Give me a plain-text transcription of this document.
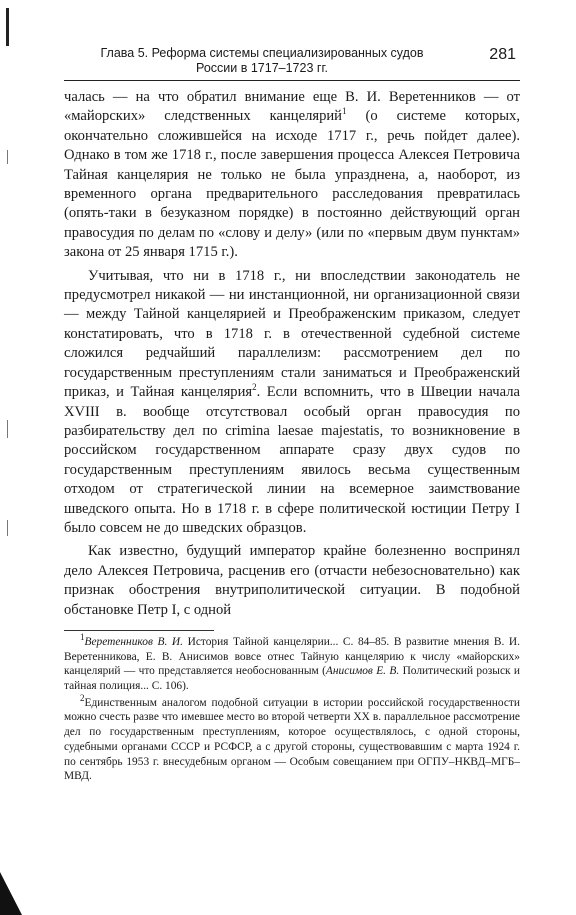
Глава 5. Реформа системы специализированных судов
России в 1717–1723 гг.
281

чалась — на что обратил внимание еще В. И. Веретенников — от «майорских» следственных канцелярий$^1$ (о системе которых, окончательно сложившейся на исходе 1717 г., речь пойдет далее). Однако в том же 1718 г., после завершения процесса Алексея Петровича Тайная канцелярия не только не была упразднена, а, наоборот, из временного органа предварительного расследования превратилась (опять-таки в безуказном порядке) в постоянно действующий орган правосудия по делам по «слову и делу» (или по «первым двум пунктам» закона от 25 января 1715 г.).

Учитывая, что ни в 1718 г., ни впоследствии законодатель не предусмотрел никакой — ни инстанционной, ни организационной связи — между Тайной канцелярией и Преображенским приказом, следует констатировать, что в 1718 г. в отечественной судебной системе сложился редчайший параллелизм: рассмотрением дел по государственным преступлениям стали заниматься и Преображенский приказ, и Тайная канцелярия$^2$. Если вспомнить, что в Швеции начала XVIII в. вообще отсутствовал особый орган правосудия по разбирательству дел по crimina laesae majestatis, то возникновение в российском государственном аппарате сразу двух судов по государственным преступлениям явилось весьма существенным отходом от стратегической линии на всемерное заимствование шведского опыта. Но в 1718 г. в сфере политической юстиции Петру I было совсем не до шведских образцов.

Как известно, будущий император крайне болезненно воспринял дело Алексея Петровича, расценив его (отчасти небезосновательно) как признак обострения внутриполитической ситуации. В подобной обстановке Петр I, с одной

$^1$Веретенников В. И. История Тайной канцелярии... С. 84–85. В развитие мнения В. И. Веретенникова, Е. В. Анисимов вовсе отнес Тайную канцелярию к числу «майорских» канцелярий — что представляется необоснованным (Анисимов Е. В. Политический розыск и тайная полиция... С. 106).

$^2$Единственным аналогом подобной ситуации в истории российской государственности можно счесть разве что имевшее место во второй четверти XX в. параллельное рассмотрение дел по государственным преступлениям, которое осуществлялось, с одной стороны, судебными органами СССР и РСФСР, а с другой стороны, существовавшим с марта 1924 г. по сентябрь 1953 г. внесудебным органом — Особым совещанием при ОГПУ–НКВД–МГБ–МВД.
